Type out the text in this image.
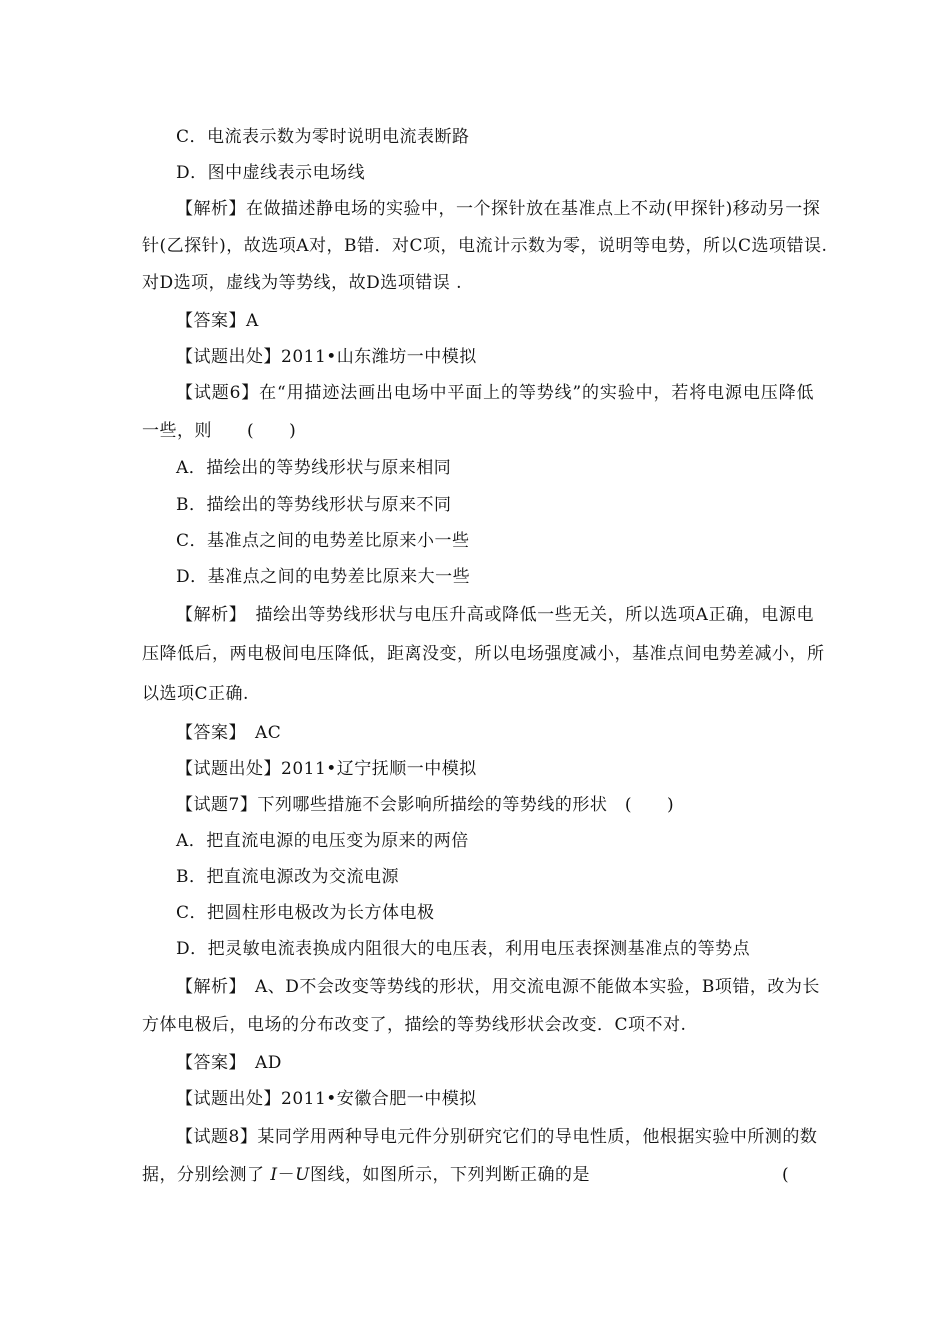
C．电流表示数为零时说明电流表断路
D．图中虚线表示电场线
【解析】在做描述静电场的实验中，一个探针放在基准点上不动(甲探针)移动另一探
针(乙探针)，故选项A对，B错．对C项，电流计示数为零，说明等电势，所以C选项错误.
对D选项，虚线为等势线，故D选项错误 .
【答案】A
【试题出处】2011•山东潍坊一中模拟
【试题6】在“用描迹法画出电场中平面上的等势线”的实验中，若将电源电压降低
一些，则　　(　　)
A．描绘出的等势线形状与原来相同
B．描绘出的等势线形状与原来不同
C．基准点之间的电势差比原来小一些
D．基准点之间的电势差比原来大一些
【解析】　描绘出等势线形状与电压升高或降低一些无关，所以选项A正确，电源电
压降低后，两电极间电压降低，距离没变，所以电场强度减小，基准点间电势差减小，所
以选项C正确.
【答案】　AC
【试题出处】2011•辽宁抚顺一中模拟
【试题7】下列哪些措施不会影响所描绘的等势线的形状　(　　)
A．把直流电源的电压变为原来的两倍
B．把直流电源改为交流电源
C．把圆柱形电极改为长方体电极
D．把灵敏电流表换成内阻很大的电压表，利用电压表探测基准点的等势点
【解析】　A、D不会改变等势线的形状，用交流电源不能做本实验，B项错，改为长
方体电极后，电场的分布改变了，描绘的等势线形状会改变．C项不对.
【答案】　AD
【试题出处】2011•安徽合肥一中模拟
【试题8】某同学用两种导电元件分别研究它们的导电性质，他根据实验中所测的数
据，分别绘测了 I－U图线，如图所示，下列判断正确的是	(
